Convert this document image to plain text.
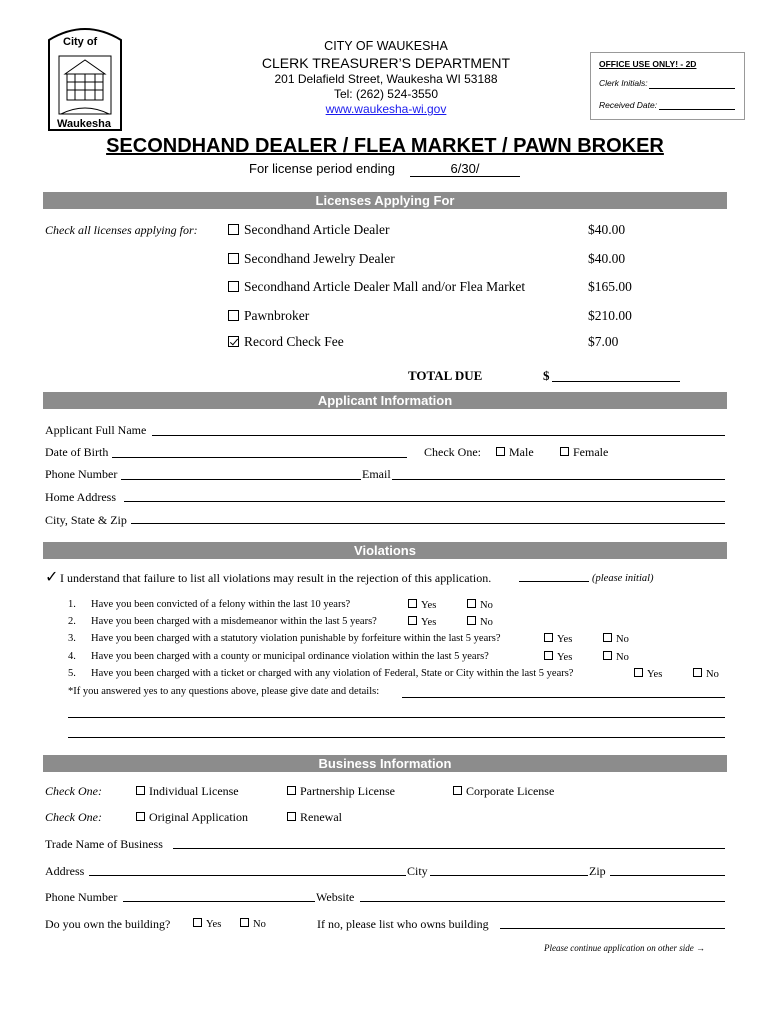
City of
Waukesha
CITY OF WAUKESHA
CLERK TREASURER’S DEPARTMENT
201 Delafield Street, Waukesha WI 53188
Tel: (262) 524-3550
www.waukesha-wi.gov
OFFICE USE ONLY! - 2D
Clerk Initials:
Received Date:
SECONDHAND DEALER / FLEA MARKET / PAWN BROKER
For license period ending	6/30/
Licenses Applying For
Check all licenses applying for:	Secondhand Article Dealer	$40.00
Secondhand Jewelry Dealer	$40.00
Secondhand Article Dealer Mall and/or Flea Market	$165.00
Pawnbroker	$210.00
Record Check Fee	$7.00
TOTAL DUE	$
Applicant Information
Applicant Full Name
Date of Birth	Check One:	Male	Female
Phone Number	Email
Home Address
City, State & Zip
Violations
✓ I understand that failure to list all violations may result in the rejection of this application.	(please initial)
1. Have you been convicted of a felony within the last 10 years?	Yes	No
2. Have you been charged with a misdemeanor within the last 5 years?	Yes	No
3. Have you been charged with a statutory violation punishable by forfeiture within the last 5 years?	Yes	No
4. Have you been charged with a county or municipal ordinance violation within the last 5 years?	Yes	No
5. Have you been charged with a ticket or charged with any violation of Federal, State or City within the last 5 years?	Yes	No
*If you answered yes to any questions above, please give date and details:
Business Information
Check One:	Individual License	Partnership License	Corporate License
Check One:	Original Application	Renewal
Trade Name of Business
Address	City	Zip
Phone Number	Website
Do you own the building?	Yes	No	If no, please list who owns building
Please continue application on other side →
